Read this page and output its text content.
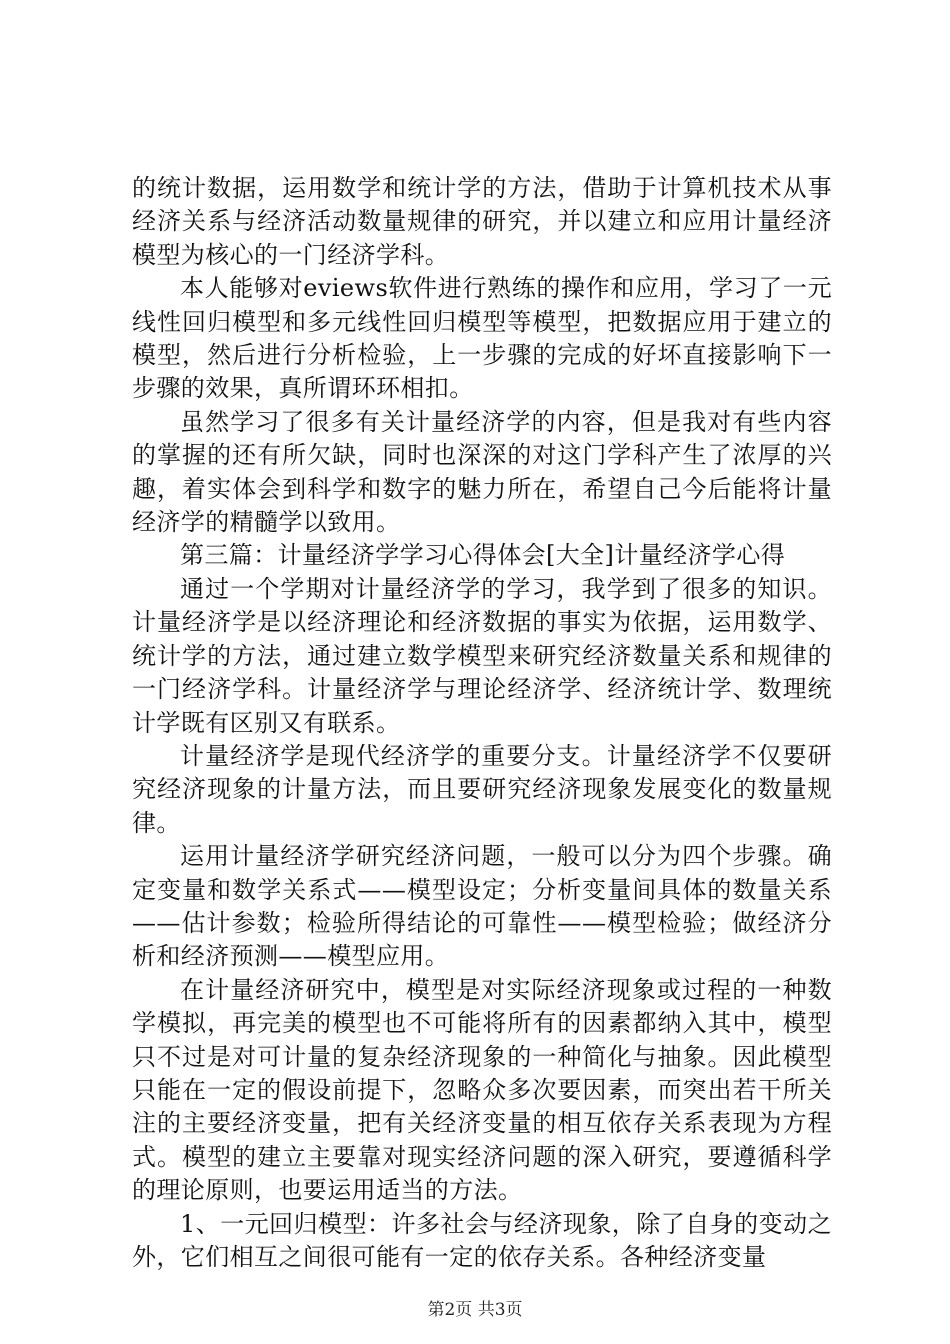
的统计数据，运用数学和统计学的方法，借助于计算机技术从事经济关系与经济活动数量规律的研究，并以建立和应用计量经济模型为核心的一门经济学科。

本人能够对eviews软件进行熟练的操作和应用，学习了一元线性回归模型和多元线性回归模型等模型，把数据应用于建立的模型，然后进行分析检验，上一步骤的完成的好坏直接影响下一步骤的效果，真所谓环环相扣。

虽然学习了很多有关计量经济学的内容，但是我对有些内容的掌握的还有所欠缺，同时也深深的对这门学科产生了浓厚的兴趣，着实体会到科学和数字的魅力所在，希望自己今后能将计量经济学的精髓学以致用。

第三篇：计量经济学学习心得体会[大全]计量经济学心得

通过一个学期对计量经济学的学习，我学到了很多的知识。计量经济学是以经济理论和经济数据的事实为依据，运用数学、统计学的方法，通过建立数学模型来研究经济数量关系和规律的一门经济学科。计量经济学与理论经济学、经济统计学、数理统计学既有区别又有联系。

计量经济学是现代经济学的重要分支。计量经济学不仅要研究经济现象的计量方法，而且要研究经济现象发展变化的数量规律。

运用计量经济学研究经济问题，一般可以分为四个步骤。确定变量和数学关系式——模型设定；分析变量间具体的数量关系——估计参数；检验所得结论的可靠性——模型检验；做经济分析和经济预测——模型应用。

在计量经济研究中，模型是对实际经济现象或过程的一种数学模拟，再完美的模型也不可能将所有的因素都纳入其中，模型只不过是对可计量的复杂经济现象的一种简化与抽象。因此模型只能在一定的假设前提下，忽略众多次要因素，而突出若干所关注的主要经济变量，把有关经济变量的相互依存关系表现为方程式。模型的建立主要靠对现实经济问题的深入研究，要遵循科学的理论原则，也要运用适当的方法。

1、一元回归模型：许多社会与经济现象，除了自身的变动之外，它们相互之间很可能有一定的依存关系。各种经济变量

第2页 共3页
